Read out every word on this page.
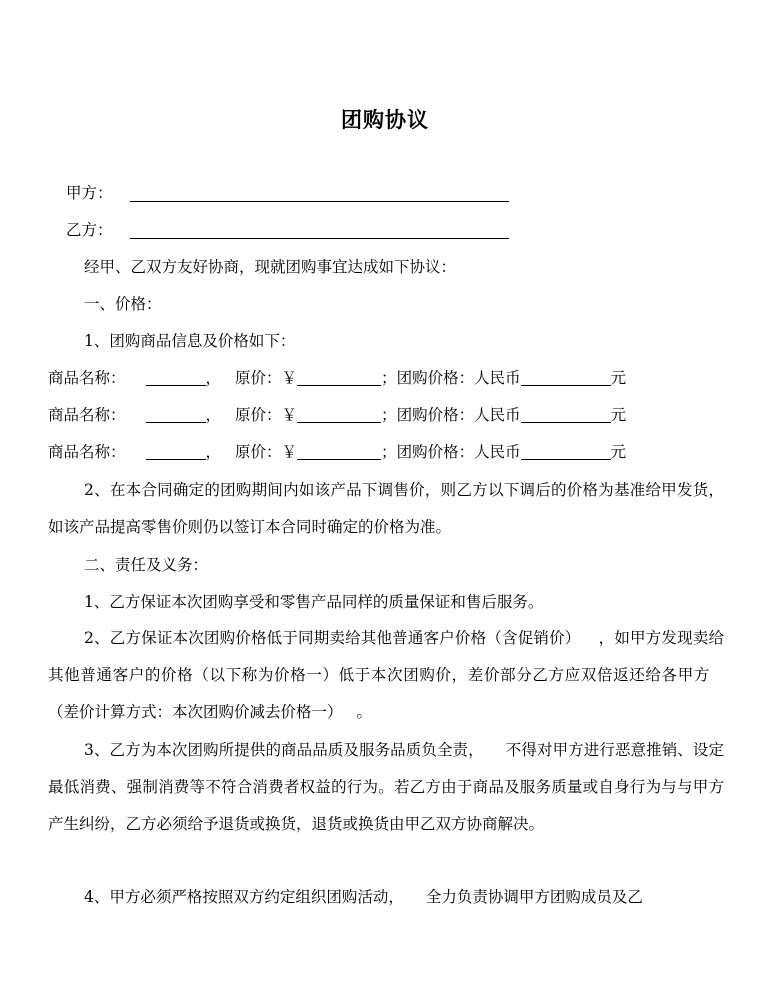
团购协议
甲方：
乙方：
经甲、乙双方友好协商，现就团购事宜达成如下协议：
一、价格：
1、团购商品信息及价格如下：
商品名称：	， 原价：￥	；团购价格：人民币	元
商品名称：	， 原价：￥	；团购价格：人民币	元
商品名称：	， 原价：￥	；团购价格：人民币	元
2、在本合同确定的团购期间内如该产品下调售价，则乙方以下调后的价格为基准给甲发货，如该产品提高零售价则仍以签订本合同时确定的价格为准。
二、责任及义务：
1、乙方保证本次团购享受和零售产品同样的质量保证和售后服务。
2、乙方保证本次团购价格低于同期卖给其他普通客户价格（含促销价） ，如甲方发现卖给其他普通客户的价格（以下称为价格一）低于本次团购价，差价部分乙方应双倍返还给各甲方（差价计算方式：本次团购价减去价格一） 。
3、乙方为本次团购所提供的商品品质及服务品质负全责， 不得对甲方进行恶意推销、设定最低消费、强制消费等不符合消费者权益的行为。若乙方由于商品及服务质量或自身行为与与甲方产生纠纷，乙方必须给予退货或换货，退货或换货由甲乙双方协商解决。
4、甲方必须严格按照双方约定组织团购活动， 全力负责协调甲方团购成员及乙
